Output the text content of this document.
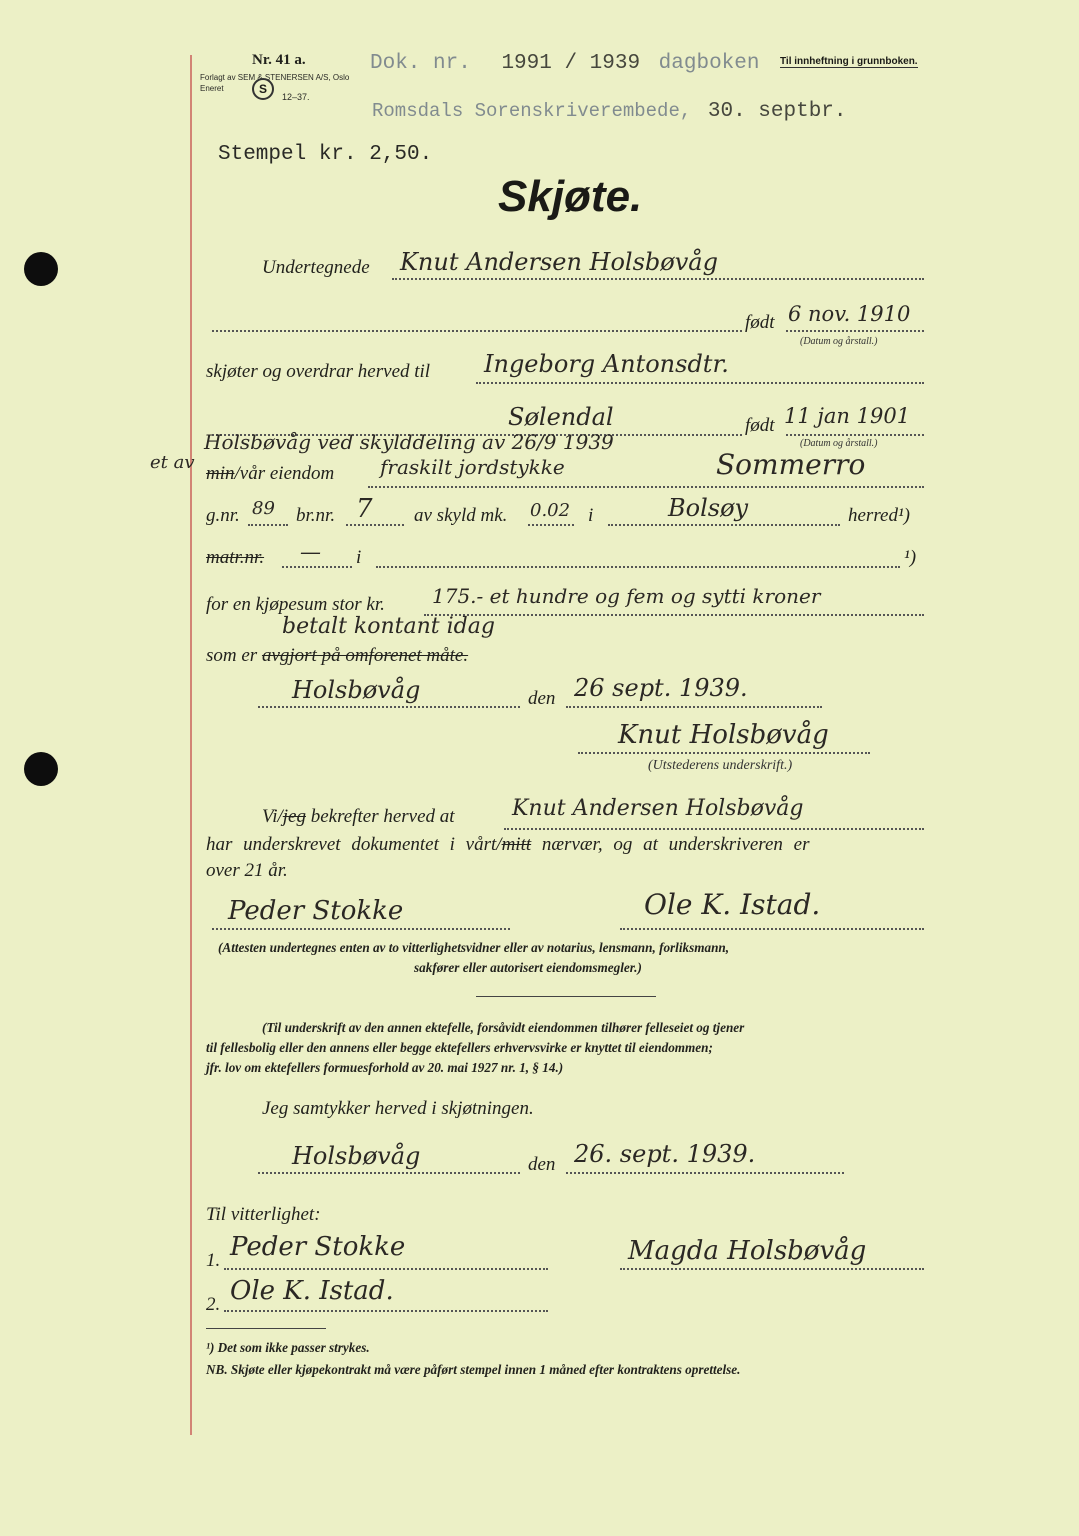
Nr. 41 a.
Forlagt av SEM & STENERSEN A/S, Oslo
Eneret	S
12–37.
Dok. nr. 1991 / 1939 dagboken Til innheftning i grunnboken.
Romsdals Sorenskriverembede, 30. septbr.
Stempel kr. 2,50.
Skjøte.
Undertegnede Knut Andersen Holsbøvåg
født 6 nov. 1910
(Datum og årstall.)
skjøter og overdrar herved til Ingeborg Antonsdtr.
Sølendal	født 11 jan 1901
Holsbøvåg ved skylddeling av 26/9 1939	(Datum og årstall.)
et av
min/vår eiendom fraskilt jordstykke	Sommerro
g.nr. 89 br.nr. 7 av skyld mk. 0.02 i	Bolsøy	herred¹)
matr.nr. — i	¹)
for en kjøpesum stor kr. 175.- et hundre og fem og sytti kroner
betalt kontant idag
som er avgjort på omforenet måte.
Holsbøvåg	den 26 sept. 1939.
Knut Holsbøvåg
(Utstederens underskrift.)
Vi/jeg bekrefter herved at	Knut Andersen Holsbøvåg
har underskrevet dokumentet i vårt/mitt nærvær, og at underskriveren er
over 21 år.
Peder Stokke	Ole K. Istad.
(Attesten undertegnes enten av to vitterlighetsvidner eller av notarius, lensmann, forliksmann,
sakfører eller autorisert eiendomsmegler.)
(Til underskrift av den annen ektefelle, forsåvidt eiendommen tilhører felleseiet og tjener
til fellesbolig eller den annens eller begge ektefellers erhvervsvirke er knyttet til eiendommen;
jfr. lov om ektefellers formuesforhold av 20. mai 1927 nr. 1, § 14.)
Jeg samtykker herved i skjøtningen.
Holsbøvåg	den 26. sept. 1939.
Til vitterlighet:
1. Peder Stokke	Magda Holsbøvåg
2. Ole K. Istad.
¹) Det som ikke passer strykes.
NB. Skjøte eller kjøpekontrakt må være påført stempel innen 1 måned efter kontraktens oprettelse.
